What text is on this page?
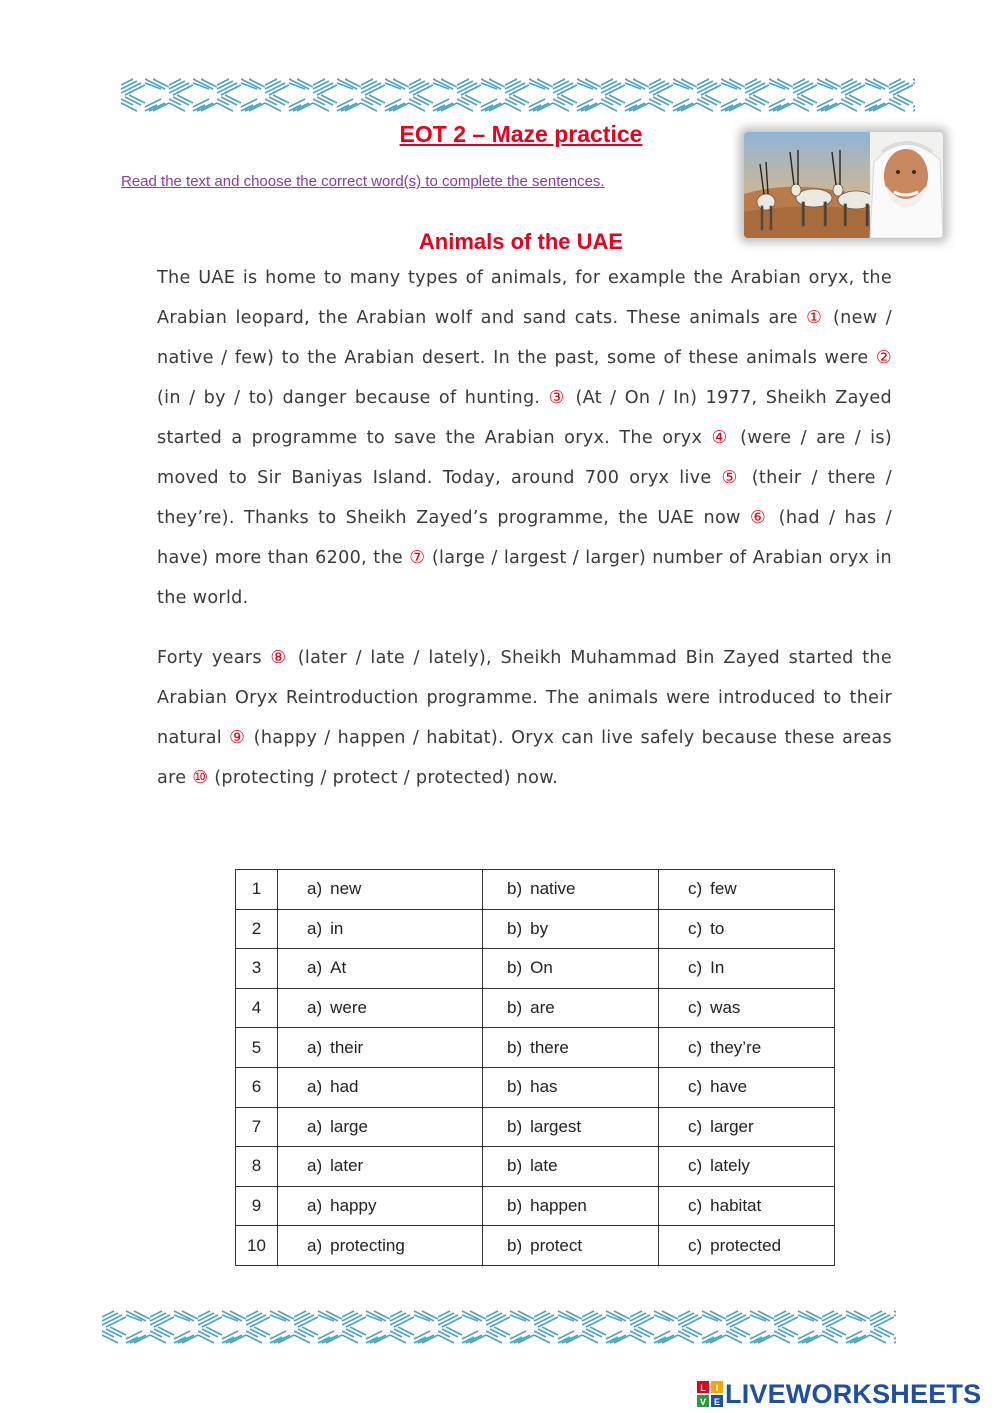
EOT 2 – Maze practice
Read the text and choose the correct word(s) to complete the sentences.
Animals of the UAE
The UAE is home to many types of animals, for example the Arabian oryx, the Arabian leopard, the Arabian wolf and sand cats. These animals are ① (new / native / few) to the Arabian desert. In the past, some of these animals were ② (in / by / to) danger because of hunting. ③ (At / On / In) 1977, Sheikh Zayed started a programme to save the Arabian oryx. The oryx ④ (were / are / is) moved to Sir Baniyas Island. Today, around 700 oryx live ⑤ (their / there / they’re). Thanks to Sheikh Zayed’s programme, the UAE now ⑥ (had / has / have) more than 6200, the ⑦ (large / largest / larger) number of Arabian oryx in the world.
Forty years ⑧ (later / late / lately), Sheikh Muhammad Bin Zayed started the Arabian Oryx Reintroduction programme. The animals were introduced to their natural ⑨ (happy / happen / habitat). Oryx can live safely because these areas are ⑩ (protecting / protect / protected) now.
1	a) new	b) native	c) few
2	a) in	b) by	c) to
3	a) At	b) On	c) In
4	a) were	b) are	c) was
5	a) their	b) there	c) they’re
6	a) had	b) has	c) have
7	a) large	b) largest	c) larger
8	a) later	b) late	c) lately
9	a) happy	b) happen	c) habitat
10	a) protecting	b) protect	c) protected
L I
V E LIVEWORKSHEETS
